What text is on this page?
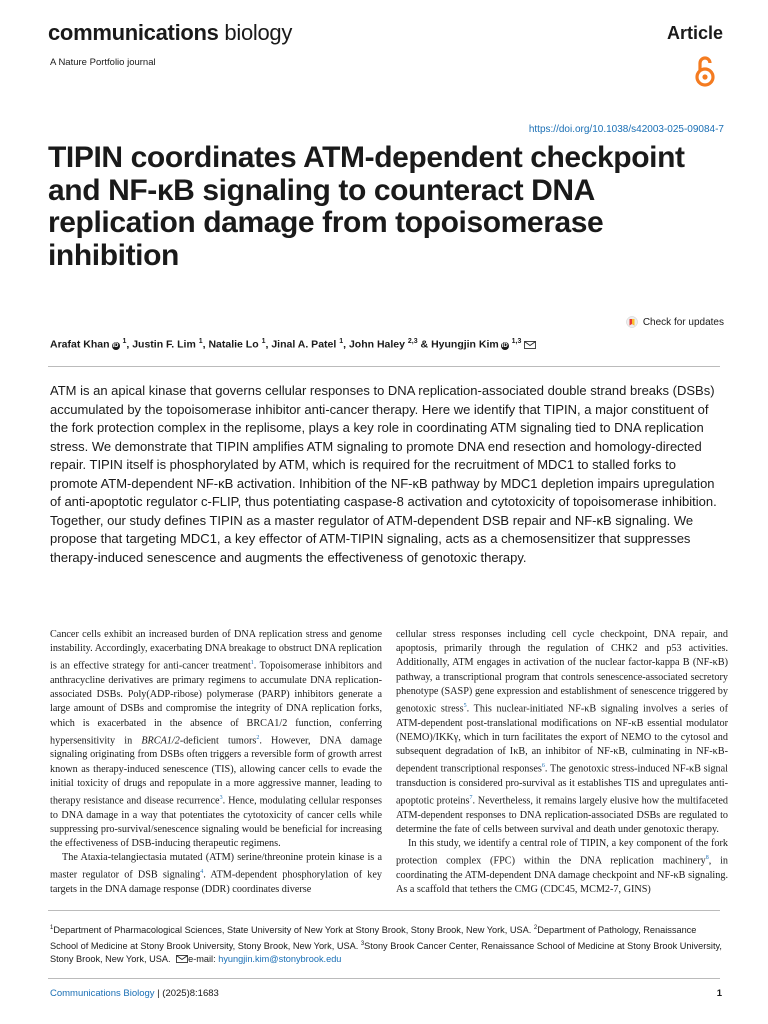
communications biology
A Nature Portfolio journal
Article
https://doi.org/10.1038/s42003-025-09084-7
TIPIN coordinates ATM-dependent checkpoint and NF-κB signaling to counteract DNA replication damage from topoisomerase inhibition
Check for updates
Arafat Khan iD $^1$, Justin F. Lim $^1$, Natalie Lo $^1$, Jinal A. Patel $^1$, John Haley $^{2,3}$ & Hyungjin Kim iD $^{1,3}$

ATM is an apical kinase that governs cellular responses to DNA replication-associated double strand breaks (DSBs) accumulated by the topoisomerase inhibitor anti-cancer therapy. Here we identify that TIPIN, a major constituent of the fork protection complex in the replisome, plays a key role in coordinating ATM signaling tied to DNA replication stress. We demonstrate that TIPIN amplifies ATM signaling to promote DNA end resection and homology-directed repair. TIPIN itself is phosphorylated by ATM, which is required for the recruitment of MDC1 to stalled forks to promote ATM-dependent NF-κB activation. Inhibition of the NF-κB pathway by MDC1 depletion impairs upregulation of anti-apoptotic regulator c-FLIP, thus potentiating caspase-8 activation and cytotoxicity of topoisomerase inhibition. Together, our study defines TIPIN as a master regulator of ATM-dependent DSB repair and NF-κB signaling. We propose that targeting MDC1, a key effector of ATM-TIPIN signaling, acts as a chemosensitizer that suppresses therapy-induced senescence and augments the effectiveness of genotoxic therapy.

Cancer cells exhibit an increased burden of DNA replication stress and genome instability. Accordingly, exacerbating DNA breakage to obstruct DNA replication is an effective strategy for anti-cancer treatment$^1$. Topoisomerase inhibitors and anthracycline derivatives are primary regimens to accumulate DNA replication-associated DSBs. Poly(ADP-ribose) polymerase (PARP) inhibitors generate a large amount of DSBs and compromise the integrity of DNA replication forks, which is exacerbated in the absence of BRCA1/2 function, conferring hypersensitivity in BRCA1/2-deficient tumors$^2$. However, DNA damage signaling originating from DSBs often triggers a reversible form of growth arrest known as therapy-induced senescence (TIS), allowing cancer cells to evade the initial toxicity of drugs and repopulate in a more aggressive manner, leading to therapy resistance and disease recurrence$^3$. Hence, modulating cellular responses to DNA damage in a way that potentiates the cytotoxicity of cancer cells while suppressing pro-survival/senescence signaling would be beneficial for increasing the effectiveness of DSB-inducing therapeutic regimens.

The Ataxia-telangiectasia mutated (ATM) serine/threonine protein kinase is a master regulator of DSB signaling$^4$. ATM-dependent phosphorylation of key targets in the DNA damage response (DDR) coordinates diverse

cellular stress responses including cell cycle checkpoint, DNA repair, and apoptosis, primarily through the regulation of CHK2 and p53 activities. Additionally, ATM engages in activation of the nuclear factor-kappa B (NF-κB) pathway, a transcriptional program that controls senescence-associated secretory phenotype (SASP) gene expression and establishment of senescence triggered by genotoxic stress$^5$. This nuclear-initiated NF-κB signaling involves a series of ATM-dependent post-translational modifications on NF-κB essential modulator (NEMO)/IKKγ, which in turn facilitates the export of NEMO to the cytosol and subsequent degradation of IκB, an inhibitor of NF-κB, culminating in NF-κB-dependent transcriptional responses$^6$. The genotoxic stress-induced NF-κB signal transduction is considered pro-survival as it establishes TIS and upregulates anti-apoptotic proteins$^7$. Nevertheless, it remains largely elusive how the multifaceted ATM-dependent responses to DNA replication-associated DSBs are regulated to determine the fate of cells between survival and death under genotoxic therapy.

In this study, we identify a central role of TIPIN, a key component of the fork protection complex (FPC) within the DNA replication machinery$^8$, in coordinating the ATM-dependent DNA damage checkpoint and NF-κB signaling. As a scaffold that tethers the CMG (CDC45, MCM2-7, GINS)

$^1$Department of Pharmacological Sciences, State University of New York at Stony Brook, Stony Brook, New York, USA. $^2$Department of Pathology, Renaissance School of Medicine at Stony Brook University, Stony Brook, New York, USA. $^3$Stony Brook Cancer Center, Renaissance School of Medicine at Stony Brook University, Stony Brook, New York, USA. e-mail: hyungjin.kim@stonybrook.edu

Communications Biology | (2025)8:1683	1
